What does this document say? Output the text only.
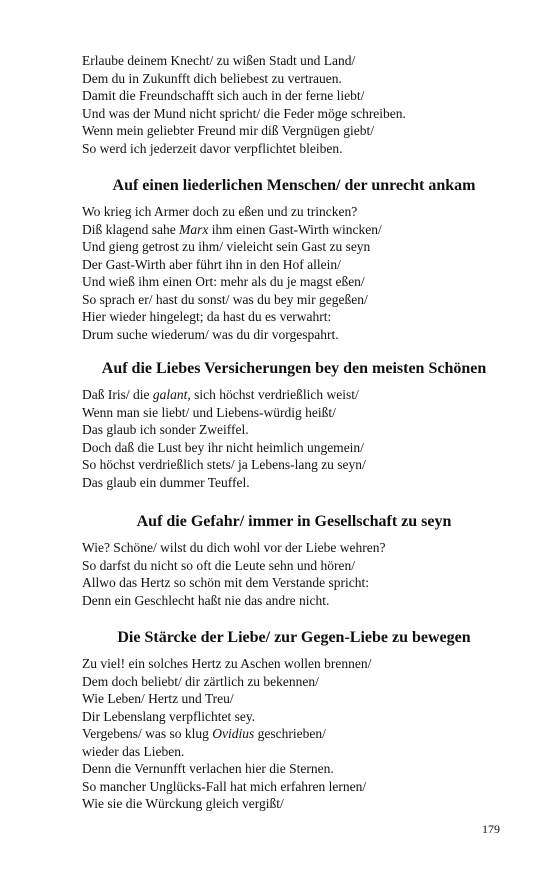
Erlaube deinem Knecht/ zu wißen Stadt und Land/
Dem du in Zukunfft dich beliebest zu vertrauen.
Damit die Freundschafft sich auch in der ferne liebt/
Und was der Mund nicht spricht/ die Feder möge schreiben.
Wenn mein geliebter Freund mir diß Vergnügen giebt/
So werd ich jederzeit davor verpflichtet bleiben.
Auf einen liederlichen Menschen/ der unrecht ankam
Wo krieg ich Armer doch zu eßen und zu trincken?
Diß klagend sahe Marx ihm einen Gast-Wirth wincken/
Und gieng getrost zu ihm/ vieleicht sein Gast zu seyn
Der Gast-Wirth aber führt ihn in den Hof allein/
Und wieß ihm einen Ort: mehr als du je magst eßen/
So sprach er/ hast du sonst/ was du bey mir gegeßen/
Hier wieder hingelegt; da hast du es verwahrt:
Drum suche wiederum/ was du dir vorgespahrt.
Auf die Liebes Versicherungen bey den meisten Schönen
Daß Iris/ die galant, sich höchst verdrießlich weist/
Wenn man sie liebt/ und Liebens-würdig heißt/
Das glaub ich sonder Zweiffel.
Doch daß die Lust bey ihr nicht heimlich ungemein/
So höchst verdrießlich stets/ ja Lebens-lang zu seyn/
Das glaub ein dummer Teuffel.
Auf die Gefahr/ immer in Gesellschaft zu seyn
Wie? Schöne/ wilst du dich wohl vor der Liebe wehren?
So darfst du nicht so oft die Leute sehn und hören/
Allwo das Hertz so schön mit dem Verstande spricht:
Denn ein Geschlecht haßt nie das andre nicht.
Die Stärcke der Liebe/ zur Gegen-Liebe zu bewegen
Zu viel! ein solches Hertz zu Aschen wollen brennen/
Dem doch beliebt/ dir zärtlich zu bekennen/
Wie Leben/ Hertz und Treu/
Dir Lebenslang verpflichtet sey.
Vergebens/ was so klug Ovidius geschrieben/
wieder das Lieben.
Denn die Vernunfft verlachen hier die Sternen.
So mancher Unglücks-Fall hat mich erfahren lernen/
Wie sie die Würckung gleich vergißt/
179
